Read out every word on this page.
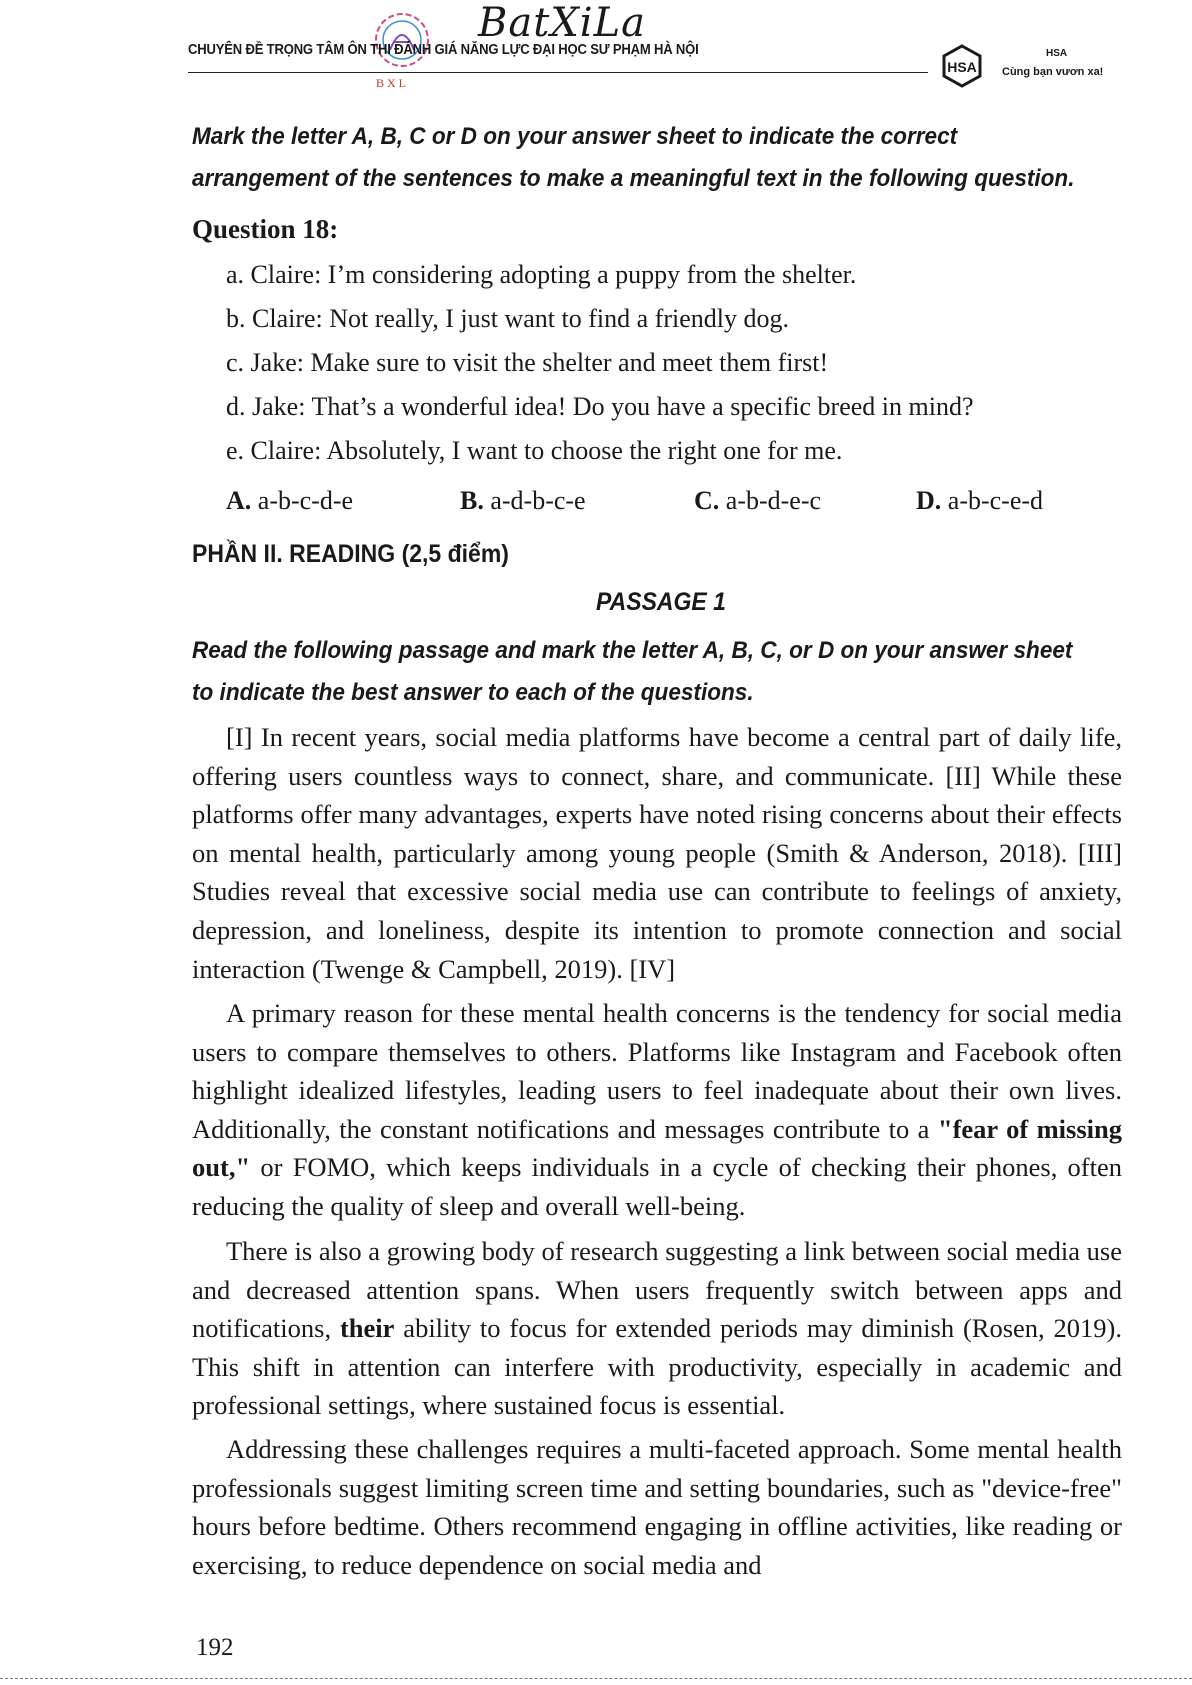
BatXiLa
CHUYÊN ĐỀ TRỌNG TÂM ÔN THI ĐÁNH GIÁ NĂNG LỰC ĐẠI HỌC SƯ PHẠM HÀ NỘI
BXL
HSA
HSA
Cùng bạn vươn xa!

Mark the letter A, B, C or D on your answer sheet to indicate the correct arrangement of the sentences to make a meaningful text in the following question.

Question 18:
a. Claire: I’m considering adopting a puppy from the shelter.
b. Claire: Not really, I just want to find a friendly dog.
c. Jake: Make sure to visit the shelter and meet them first!
d. Jake: That’s a wonderful idea! Do you have a specific breed in mind?
e. Claire: Absolutely, I want to choose the right one for me.
A. a-b-c-d-e	B. a-d-b-c-e	C. a-b-d-e-c	D. a-b-c-e-d
PHẦN II. READING (2,5 điểm)
PASSAGE 1

Read the following passage and mark the letter A, B, C, or D on your answer sheet to indicate the best answer to each of the questions.

[I] In recent years, social media platforms have become a central part of daily life, offering users countless ways to connect, share, and communicate. [II] While these platforms offer many advantages, experts have noted rising concerns about their effects on mental health, particularly among young people (Smith & Anderson, 2018). [III] Studies reveal that excessive social media use can contribute to feelings of anxiety, depression, and loneliness, despite its intention to promote connection and social interaction (Twenge & Campbell, 2019). [IV]

A primary reason for these mental health concerns is the tendency for social media users to compare themselves to others. Platforms like Instagram and Facebook often highlight idealized lifestyles, leading users to feel inadequate about their own lives. Additionally, the constant notifications and messages contribute to a "fear of missing out," or FOMO, which keeps individuals in a cycle of checking their phones, often reducing the quality of sleep and overall well-being.

There is also a growing body of research suggesting a link between social media use and decreased attention spans. When users frequently switch between apps and notifications, their ability to focus for extended periods may diminish (Rosen, 2019). This shift in attention can interfere with productivity, especially in academic and professional settings, where sustained focus is essential.

Addressing these challenges requires a multi-faceted approach. Some mental health professionals suggest limiting screen time and setting boundaries, such as "device-free" hours before bedtime. Others recommend engaging in offline activities, like reading or exercising, to reduce dependence on social media and

192
